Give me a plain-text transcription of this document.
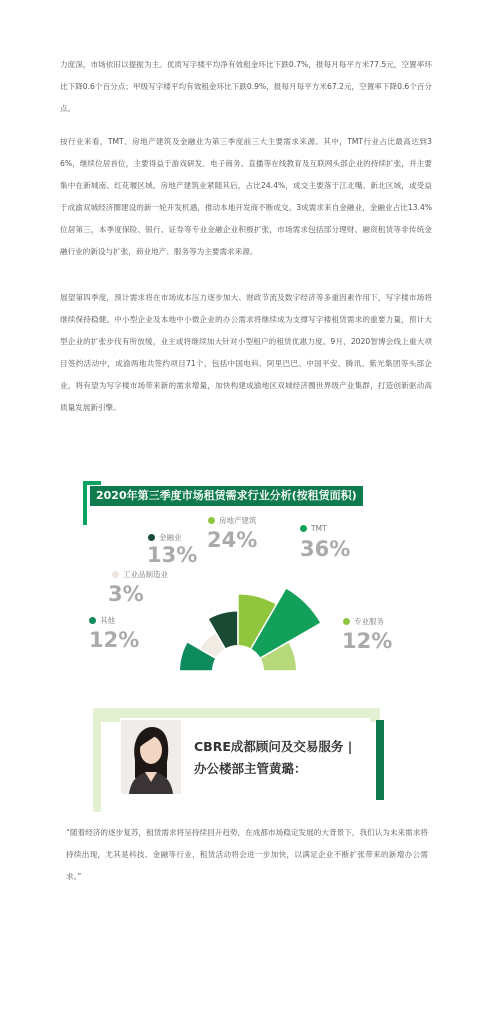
力度深，市场依旧以提振为主。优质写字楼平均净有效租金环比下跌0.7%，报每月每平方米77.5元，空置率环比下降0.6个百分点；甲级写字楼平均有效租金环比下跌0.9%，报每月每平方米67.2元，空置率下降0.6个百分点。

按行业来看，TMT、房地产建筑及金融业为第三季度前三大主要需求来源。其中，TMT行业占比最高达到36%，继续位居首位，主要得益于游戏研发、电子商务、直播等在线教育及互联网头部企业的持续扩张，并主要集中在新城南、红花堰区域。房地产建筑业紧随其后，占比24.4%，成交主要落于江北嘴、新北区域，或受益于成渝双城经济圈建设的新一轮开发机遇，推动本地开发商不断成交。3成需求来自金融业，金融业占比13.4%位居第三，本季度保险、银行、证券等专业金融企业积极扩张，市场需求包括部分理财、融资租赁等非传统金融行业的新设与扩张，商业地产、服务等为主要需求来源。

展望第四季度，预计需求将在市场成本压力逐步加大、财政节流及数字经济等多重因素作用下，写字楼市场将继续保持稳健。中小型企业及本地中小微企业的办公需求将继续成为支撑写字楼租赁需求的重要力量，预计大型企业的扩张步伐有所放缓，业主或将继续加大针对小型租户的租赁优惠力度。9月，2020智博会线上重大项目签约活动中，成渝两地共签约项目71个，包括中国电科、阿里巴巴、中国平安、腾讯、紫光集团等头部企业，将有望为写字楼市场带来新的需求增量，加快构建成渝地区双城经济圈世界级产业集群，打造创新驱动高质量发展新引擎。

2020年第三季度市场租赁需求行业分析(按租赁面积)
金融业
13%
房地产建筑
24%	TMT
36%
工业品制造业
3%
其他
12%
专业服务
12%
CBRE成都顾问及交易服务 |
办公楼部主管黄璐：

“随着经济的逐步复苏，租赁需求将呈持续回升趋势，在成都市场稳定发展的大背景下，我们认为未来需求将持续出现，尤其是科技、金融等行业，租赁活动将会进一步加快，以满足企业不断扩张带来的新增办公需求。”
